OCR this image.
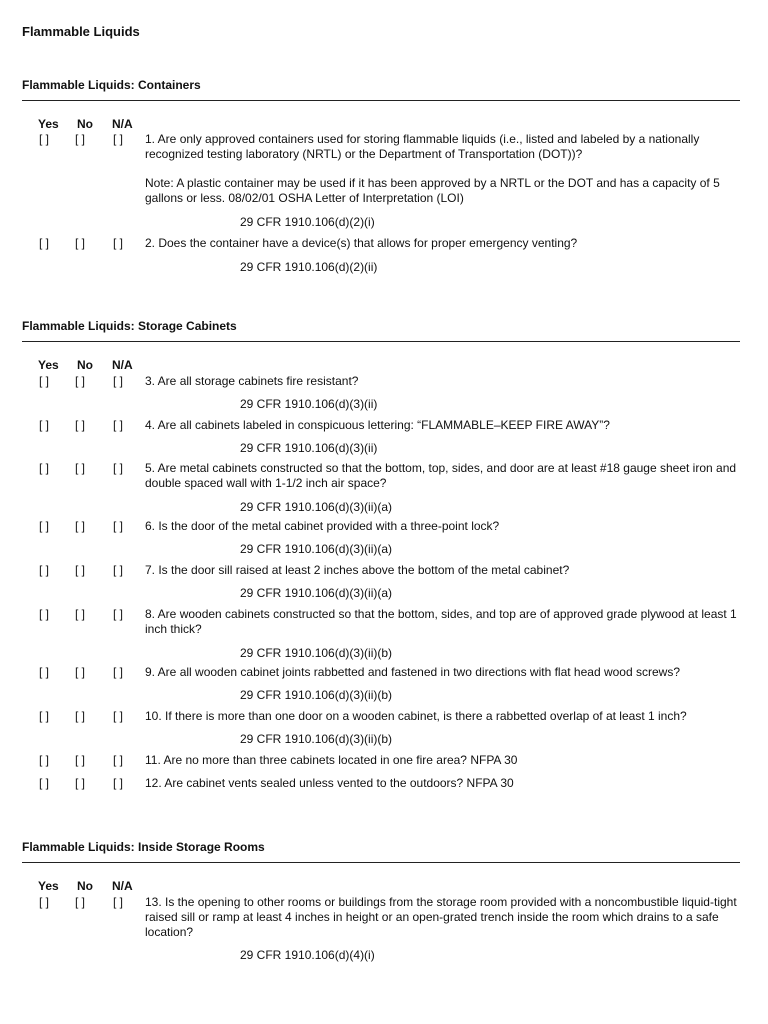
Flammable Liquids
Flammable Liquids: Containers
Yes No N/A
[ ] [ ] [ ] 1. Are only approved containers used for storing flammable liquids (i.e., listed and labeled by a nationally recognized testing laboratory (NRTL) or the Department of Transportation (DOT))?
Note: A plastic container may be used if it has been approved by a NRTL or the DOT and has a capacity of 5 gallons or less. 08/02/01 OSHA Letter of Interpretation (LOI)
29 CFR 1910.106(d)(2)(i)
[ ] [ ] [ ] 2. Does the container have a device(s) that allows for proper emergency venting?
29 CFR 1910.106(d)(2)(ii)
Flammable Liquids: Storage Cabinets
Yes No N/A
[ ] [ ] [ ] 3. Are all storage cabinets fire resistant?
29 CFR 1910.106(d)(3)(ii)
[ ] [ ] [ ] 4. Are all cabinets labeled in conspicuous lettering: “FLAMMABLE–KEEP FIRE AWAY”?
29 CFR 1910.106(d)(3)(ii)
[ ] [ ] [ ] 5. Are metal cabinets constructed so that the bottom, top, sides, and door are at least #18 gauge sheet iron and double spaced wall with 1-1/2 inch air space?
29 CFR 1910.106(d)(3)(ii)(a)
[ ] [ ] [ ] 6. Is the door of the metal cabinet provided with a three-point lock?
29 CFR 1910.106(d)(3)(ii)(a)
[ ] [ ] [ ] 7. Is the door sill raised at least 2 inches above the bottom of the metal cabinet?
29 CFR 1910.106(d)(3)(ii)(a)
[ ] [ ] [ ] 8. Are wooden cabinets constructed so that the bottom, sides, and top are of approved grade plywood at least 1 inch thick?
29 CFR 1910.106(d)(3)(ii)(b)
[ ] [ ] [ ] 9. Are all wooden cabinet joints rabbetted and fastened in two directions with flat head wood screws?
29 CFR 1910.106(d)(3)(ii)(b)
[ ] [ ] [ ] 10. If there is more than one door on a wooden cabinet, is there a rabbetted overlap of at least 1 inch?
29 CFR 1910.106(d)(3)(ii)(b)
[ ] [ ] [ ] 11. Are no more than three cabinets located in one fire area? NFPA 30
[ ] [ ] [ ] 12. Are cabinet vents sealed unless vented to the outdoors? NFPA 30
Flammable Liquids: Inside Storage Rooms
Yes No N/A
[ ] [ ] [ ] 13. Is the opening to other rooms or buildings from the storage room provided with a noncombustible liquid-tight raised sill or ramp at least 4 inches in height or an open-grated trench inside the room which drains to a safe location?
29 CFR 1910.106(d)(4)(i)
